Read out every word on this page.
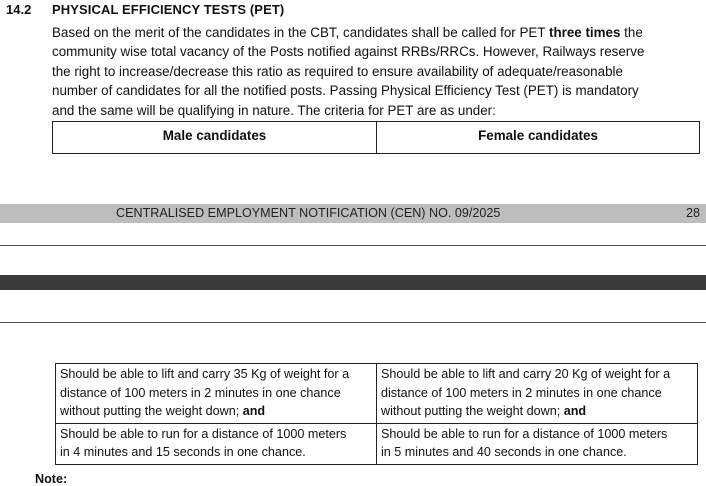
14.2 PHYSICAL EFFICIENCY TESTS (PET)
Based on the merit of the candidates in the CBT, candidates shall be called for PET three times the
community wise total vacancy of the Posts notified against RRBs/RRCs. However, Railways reserve
the right to increase/decrease this ratio as required to ensure availability of adequate/reasonable
number of candidates for all the notified posts. Passing Physical Efficiency Test (PET) is mandatory
and the same will be qualifying in nature. The criteria for PET are as under:
Male candidates	Female candidates
CENTRALISED EMPLOYMENT NOTIFICATION (CEN) NO. 09/2025	28
Should be able to lift and carry 35 Kg of weight for a
distance of 100 meters in 2 minutes in one chance
without putting the weight down; and
Should be able to lift and carry 20 Kg of weight for a
distance of 100 meters in 2 minutes in one chance
without putting the weight down; and
Should be able to run for a distance of 1000 meters
in 4 minutes and 15 seconds in one chance.
Should be able to run for a distance of 1000 meters
in 5 minutes and 40 seconds in one chance.
Note:
